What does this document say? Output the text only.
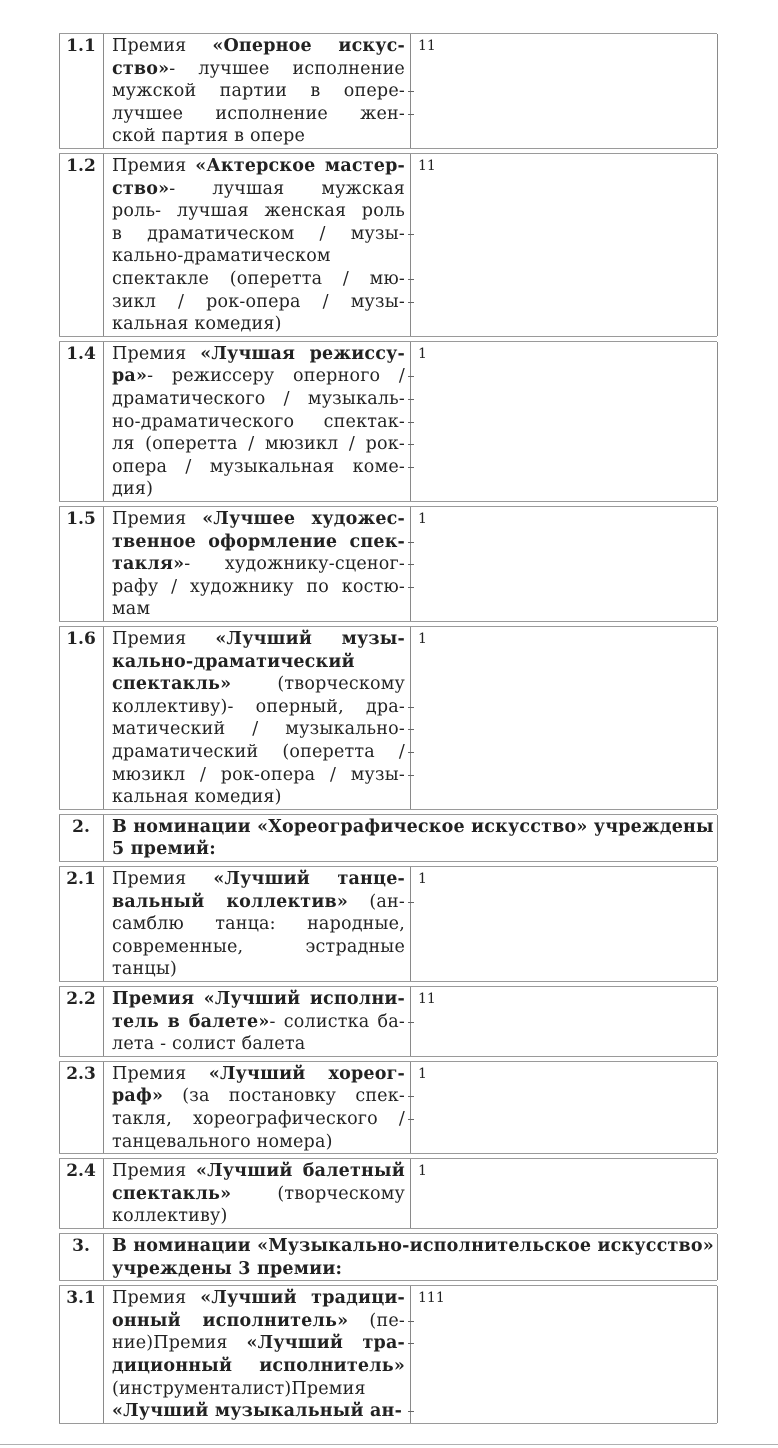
1.1 Премия «Оперное искус-
ство»- лучшее исполнение
мужской партии в опере-
лучшее исполнение жен-
ской партия в опере
11
1.2 Премия «Актерское мастер-
ство»- лучшая мужская
роль- лучшая женская роль
в драматическом / музы-
кально-драматическом
спектакле (оперетта / мю-
зикл / рок-опера / музы-
кальная комедия)
11
1.4 Премия «Лучшая режиссу-
ра»- режиссеру оперного /
драматического / музыкаль-
но-драматического спектак-
ля (оперетта / мюзикл / рок-
опера / музыкальная коме-
дия)
1
1.5 Премия «Лучшее художес-
твенное оформление спек-
такля»- художнику-сценог-
рафу / художнику по костю-
мам
1
1.6 Премия «Лучший музы-
кально-драматический
спектакль» (творческому
коллективу)- оперный, дра-
матический / музыкально-
драматический (оперетта /
мюзикл / рок-опера / музы-
кальная комедия)
1
2.	В номинации «Хореографическое искусство» учреждены
5 премий:
2.1 Премия «Лучший танце-
вальный коллектив» (ан-
самблю танца: народные,
современные, эстрадные
танцы)
1
2.2 Премия «Лучший исполни-
тель в балете»- солистка ба-
лета - солист балета
11
2.3 Премия «Лучший хореог-
раф» (за постановку спек-
такля, хореографического /
танцевального номера)
1
2.4 Премия «Лучший балетный
спектакль» (творческому
коллективу)
1
3.	В номинации «Музыкально-исполнительское искусство»
учреждены 3 премии:
3.1 Премия «Лучший традици-
онный исполнитель» (пе-
ние)Премия «Лучший тра-
диционный исполнитель»
(инструменталист)Премия
«Лучший музыкальный ан-
111
